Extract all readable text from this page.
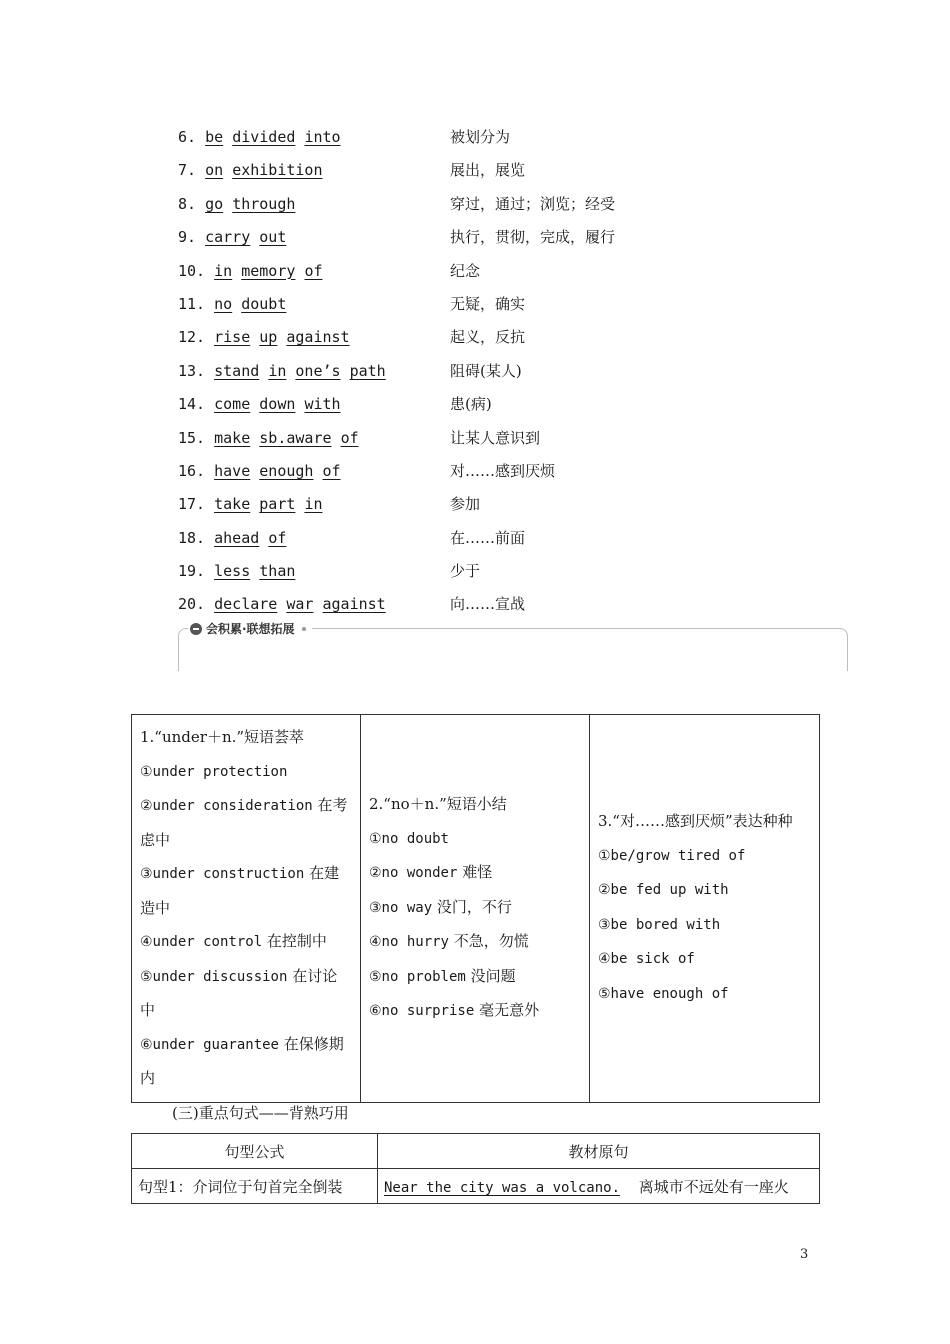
6. be divided into	被划分为
7. on exhibition	展出，展览
8. go through	穿过，通过；浏览；经受
9. carry out	执行，贯彻，完成，履行
10. in memory of	纪念
11. no doubt	无疑，确实
12. rise up against	起义，反抗
13. stand in one’s path	阻碍(某人)
14. come down with	患(病)
15. make sb.aware of	让某人意识到
16. have enough of	对……感到厌烦
17. take part in	参加
18. ahead of	在……前面
19. less than	少于
20. declare war against	向……宣战
会积累·联想拓展
1.“under＋n.”短语荟萃
①under protection
②under consideration 在考虑中
③under construction 在建造中
④under control 在控制中
⑤under discussion 在讨论中
⑥under guarantee 在保修期内

2.“no＋n.”短语小结
①no doubt
②no wonder 难怪
③no way 没门，不行
④no hurry 不急，勿慌
⑤no problem 没问题
⑥no surprise 毫无意外

3.“对……感到厌烦”表达种种
①be/grow tired of
②be fed up with
③be bored with
④be sick of
⑤have enough of
(三)重点句式——背熟巧用
句型公式	教材原句
句型1：介词位于句首完全倒装	Near the city was a volcano. 离城市不远处有一座火
3
